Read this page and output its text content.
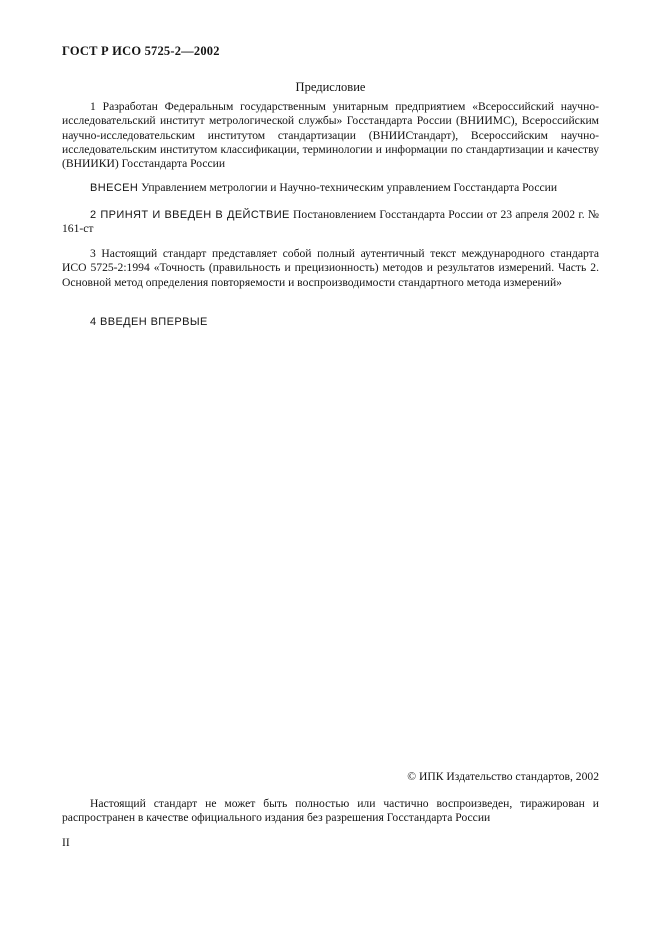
ГОСТ Р ИСО 5725-2—2002
Предисловие

1 Разработан Федеральным государственным унитарным предприятием «Всероссийский научно-исследовательский институт метрологической службы» Госстандарта России (ВНИИМС), Всероссийским научно-исследовательским институтом стандартизации (ВНИИСтандарт), Всероссийским научно-исследовательским институтом классификации, терминологии и информации по стандартизации и качеству (ВНИИКИ) Госстандарта России

ВНЕСЕН Управлением метрологии и Научно-техническим управлением Госстандарта России

2 ПРИНЯТ И ВВЕДЕН В ДЕЙСТВИЕ Постановлением Госстандарта России от 23 апреля 2002 г. № 161-ст

3 Настоящий стандарт представляет собой полный аутентичный текст международного стандарта ИСО 5725-2:1994 «Точность (правильность и прецизионность) методов и результатов измерений. Часть 2. Основной метод определения повторяемости и воспроизводимости стандартного метода измерений»

4 ВВЕДЕН ВПЕРВЫЕ

© ИПК Издательство стандартов, 2002

Настоящий стандарт не может быть полностью или частично воспроизведен, тиражирован и распространен в качестве официального издания без разрешения Госстандарта России

II
